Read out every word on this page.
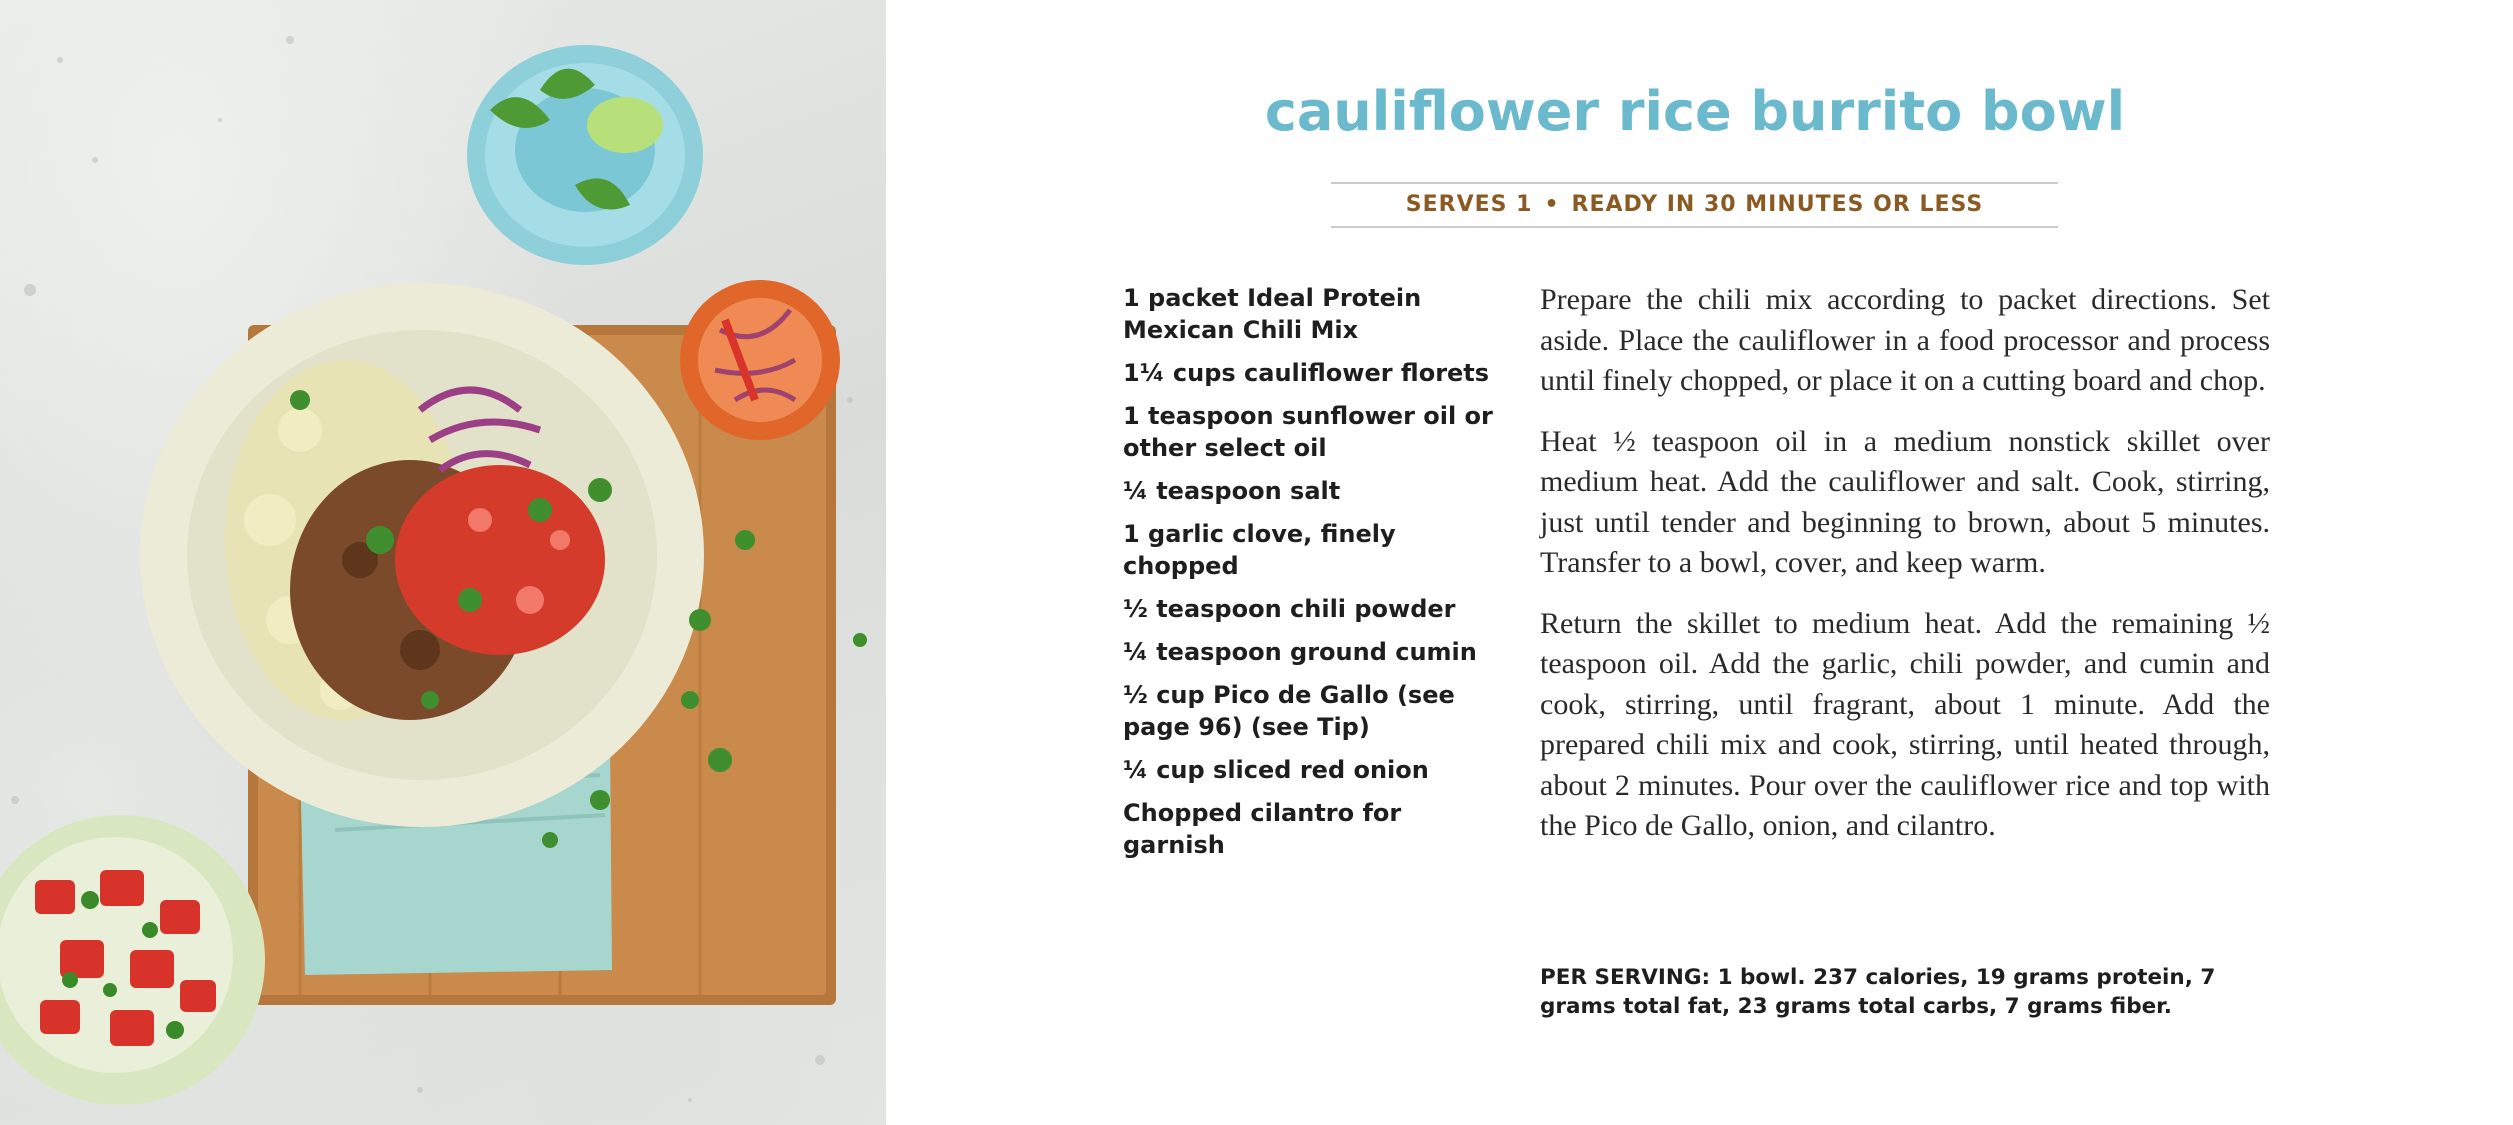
cauliflower rice burrito bowl
SERVES 1 • READY IN 30 MINUTES OR LESS
1 packet Ideal Protein Mexican Chili Mix
1¼ cups cauliflower florets
1 teaspoon sunflower oil or other select oil
¼ teaspoon salt
1 garlic clove, finely chopped
½ teaspoon chili powder
¼ teaspoon ground cumin
½ cup Pico de Gallo (see page 96) (see Tip)
¼ cup sliced red onion
Chopped cilantro for garnish

Prepare the chili mix according to packet directions. Set aside. Place the cauliflower in a food processor and process until finely chopped, or place it on a cutting board and chop.

Heat ½ teaspoon oil in a medium nonstick skillet over medium heat. Add the cauliflower and salt. Cook, stirring, just until tender and beginning to brown, about 5 minutes. Transfer to a bowl, cover, and keep warm.

Return the skillet to medium heat. Add the remaining ½ teaspoon oil. Add the garlic, chili powder, and cumin and cook, stirring, until fragrant, about 1 minute. Add the prepared chili mix and cook, stirring, until heated through, about 2 minutes. Pour over the cauliflower rice and top with the Pico de Gallo, onion, and cilantro.

PER SERVING: 1 bowl. 237 calories, 19 grams protein, 7 grams total fat, 23 grams total carbs, 7 grams fiber.
